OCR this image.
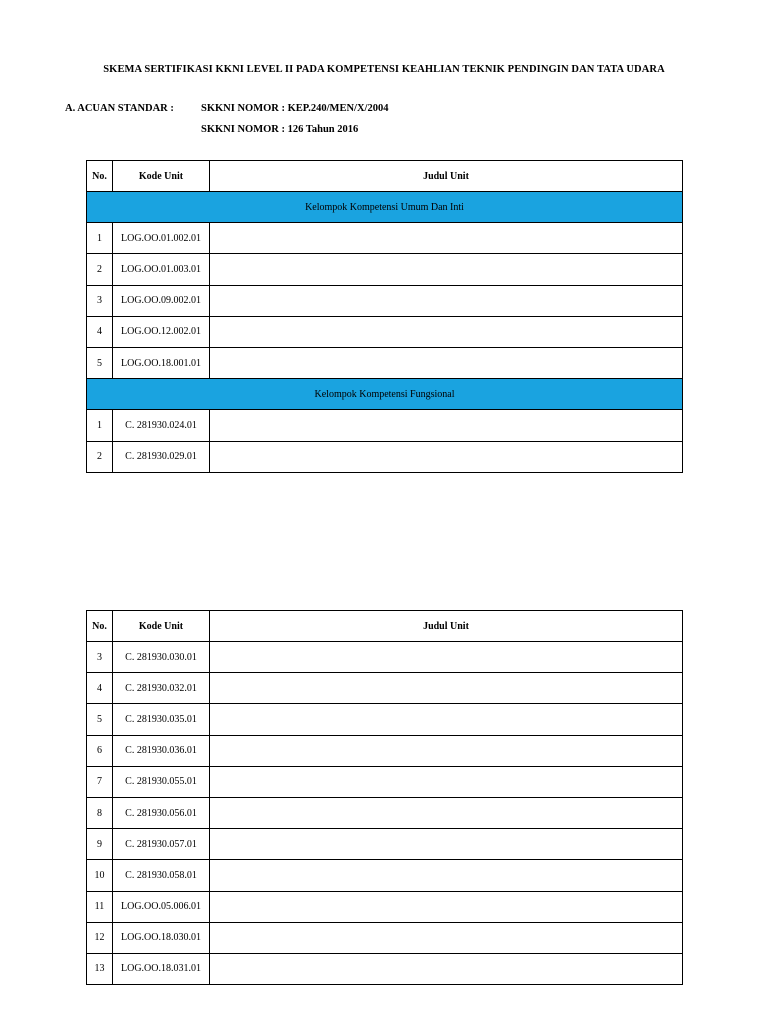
SKEMA SERTIFIKASI KKNI LEVEL II PADA KOMPETENSI KEAHLIAN TEKNIK PENDINGIN DAN TATA UDARA
A. ACUAN STANDAR :	SKKNI NOMOR : KEP.240/MEN/X/2004
SKKNI NOMOR : 126 Tahun 2016
No.	Kode Unit	Judul Unit
Kelompok Kompetensi Umum Dan Inti		
1	LOG.OO.01.002.01	
2	LOG.OO.01.003.01	
3	LOG.OO.09.002.01	
4	LOG.OO.12.002.01	
5	LOG.OO.18.001.01	
Kelompok Kompetensi Fungsional		
1	C. 281930.024.01	
2	C. 281930.029.01	
No.	Kode Unit	Judul Unit
3	C. 281930.030.01	
4	C. 281930.032.01	
5	C. 281930.035.01	
6	C. 281930.036.01	
7	C. 281930.055.01	
8	C. 281930.056.01	
9	C. 281930.057.01	
10	C. 281930.058.01	
11	LOG.OO.05.006.01	
12	LOG.OO.18.030.01	
13	LOG.OO.18.031.01	
